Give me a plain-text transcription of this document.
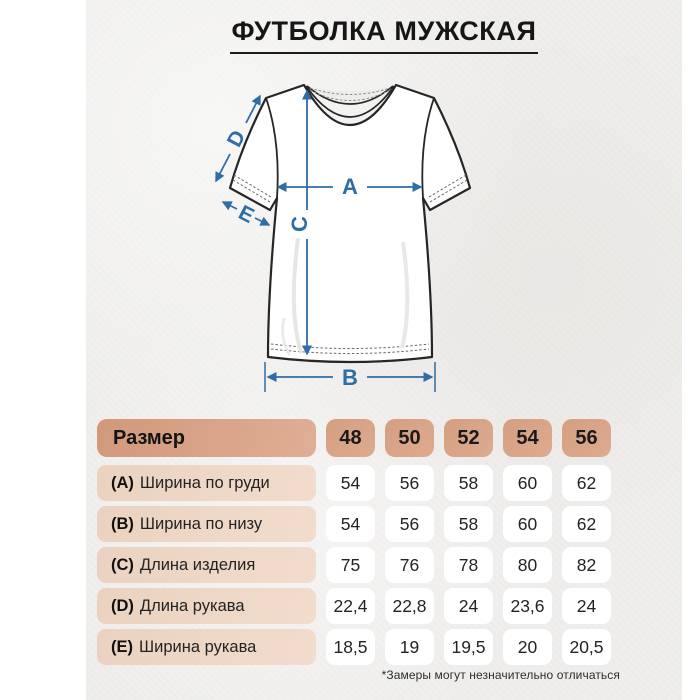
ФУТБОЛКА МУЖСКАЯ
A
B
C
D
E
Размер	48	50	52	54	56
(A) Ширина по груди	54	56	58	60	62
(B) Ширина по низу	54	56	58	60	62
(C) Длина изделия	75	76	78	80	82
(D) Длина рукава	22,4	22,8	24	23,6	24
(E) Ширина рукава	18,5	19	19,5	20	20,5
*Замеры могут незначительно отличаться
